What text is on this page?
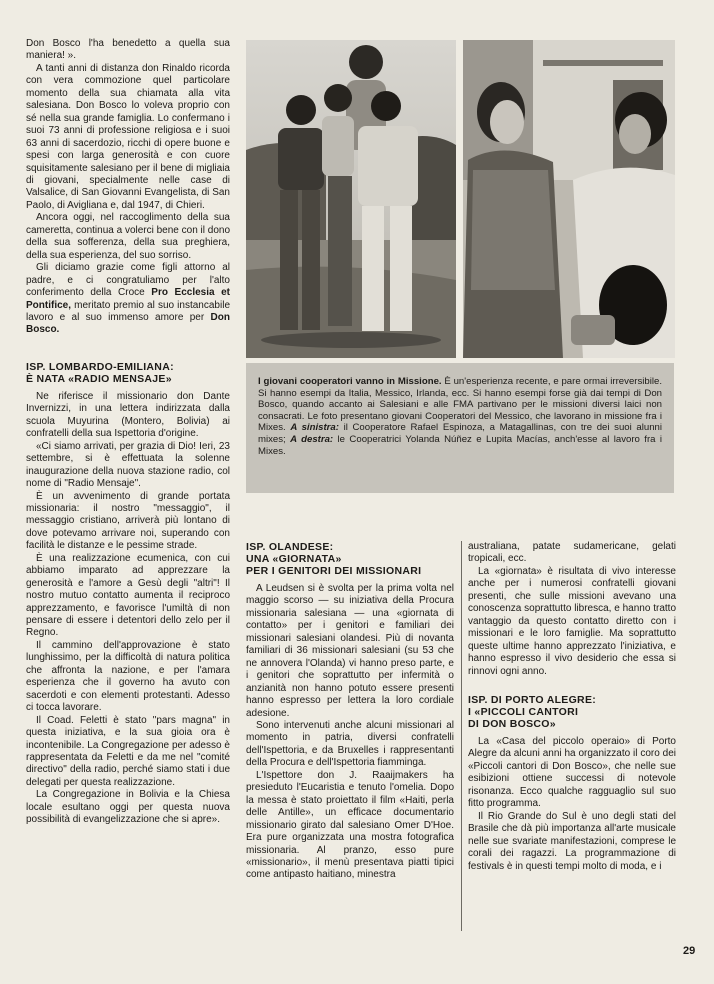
Don Bosco l'ha benedetto a quella sua maniera! ».

A tanti anni di distanza don Rinaldo ricorda con vera commozione quel particolare momento della sua chiamata alla vita salesiana. Don Bosco lo voleva proprio con sé nella sua grande famiglia. Lo confermano i suoi 73 anni di professione religiosa e i suoi 63 anni di sacerdozio, ricchi di opere buone e spesi con larga generosità e con cuore squisitamente salesiano per il bene di migliaia di giovani, specialmente nelle case di Valsalice, di San Giovanni Evangelista, di San Paolo, di Avigliana e, dal 1947, di Chieri.

Ancora oggi, nel raccoglimento della sua cameretta, continua a volerci bene con il dono della sua sofferenza, della sua preghiera, della sua esperienza, del suo sorriso.

Gli diciamo grazie come figli attorno al padre, e ci congratuliamo per l'alto conferimento della Croce Pro Ecclesia et Pontifice, meritato premio al suo instancabile lavoro e al suo immenso amore per Don Bosco.

ISP. LOMBARDO-EMILIANA:
È NATA «RADIO MENSAJE»

Ne riferisce il missionario don Dante Invernizzi, in una lettera indirizzata dalla scuola Muyurina (Montero, Bolivia) ai confratelli della sua Ispettoria d'origine.

«Ci siamo arrivati, per grazia di Dio! Ieri, 23 settembre, si è effettuata la solenne inaugurazione della nuova stazione radio, col nome di "Radio Mensaje".

È un avvenimento di grande portata missionaria: il nostro "messaggio", il messaggio cristiano, arriverà più lontano di dove potevamo arrivare noi, superando con facilità le distanze e le pessime strade.

È una realizzazione ecumenica, con cui abbiamo imparato ad apprezzare la generosità e l'amore a Gesù degli "altri"! Il nostro mutuo contatto aumenta il reciproco apprezzamento, e favorisce l'umiltà di non pensare di essere i detentori dello zelo per il Regno.

Il cammino dell'approvazione è stato lunghissimo, per la difficoltà di natura politica che affronta la nazione, e per l'amara esperienza che il governo ha avuto con sacerdoti e con elementi protestanti. Adesso ci tocca lavorare.

Il Coad. Feletti è stato "pars magna" in questa iniziativa, e la sua gioia ora è incontenibile. La Congregazione per adesso è rappresentata da Feletti e da me nel "comité directivo" della radio, perché siamo stati i due delegati per questa realizzazione.

La Congregazione in Bolivia e la Chiesa locale esultano oggi per questa nuova possibilità di evangelizzazione che si apre».

I giovani cooperatori vanno in Missione. È un'esperienza recente, e pare ormai irreversibile. Si hanno esempi da Italia, Messico, Irlanda, ecc. Si hanno esempi forse già dai tempi di Don Bosco, quando accanto ai Salesiani e alle FMA partivano per le missioni diversi laici non consacrati. Le foto presentano giovani Cooperatori del Messico, che lavorano in missione fra i Mixes. A sinistra: il Cooperatore Rafael Espinoza, a Matagallinas, con tre dei suoi alunni mixes; A destra: le Cooperatrici Yolanda Núñez e Lupita Macías, anch'esse al lavoro fra i Mixes.
ISP. OLANDESE:
UNA «GIORNATA»
PER I GENITORI DEI MISSIONARI

A Leudsen si è svolta per la prima volta nel maggio scorso — su iniziativa della Procura missionaria salesiana — una «giornata di contatto» per i genitori e familiari dei missionari salesiani olandesi. Più di novanta familiari di 36 missionari salesiani (su 53 che ne annovera l'Olanda) vi hanno preso parte, e i genitori che soprattutto per infermità o anzianità non hanno potuto essere presenti hanno espresso per lettera la loro cordiale adesione.

Sono intervenuti anche alcuni missionari al momento in patria, diversi confratelli dell'Ispettoria, e da Bruxelles i rappresentanti della Procura e dell'Ispettoria fiamminga.

L'Ispettore don J. Raaijmakers ha presieduto l'Eucaristia e tenuto l'omelia. Dopo la messa è stato proiettato il film «Haiti, perla delle Antille», un efficace documentario missionario girato dal salesiano Omer D'Hoe. Era pure organizzata una mostra fotografica missionaria. Al pranzo, esso pure «missionario», il menù presentava piatti tipici come antipasto haitiano, minestra

australiana, patate sudamericane, gelati tropicali, ecc.

La «giornata» è risultata di vivo interesse anche per i numerosi confratelli giovani presenti, che sulle missioni avevano una conoscenza soprattutto libresca, e hanno tratto vantaggio da questo contatto diretto con i missionari e le loro famiglie. Ma soprattutto queste ultime hanno apprezzato l'iniziativa, e hanno espresso il vivo desiderio che essa si rinnovi ogni anno.

ISP. DI PORTO ALEGRE:
I «PICCOLI CANTORI
DI DON BOSCO»

La «Casa del piccolo operaio» di Porto Alegre da alcuni anni ha organizzato il coro dei «Piccoli cantori di Don Bosco», che nelle sue esibizioni ottiene successi di notevole risonanza. Ecco qualche ragguaglio sul suo fitto programma.

Il Rio Grande do Sul è uno degli stati del Brasile che dà più importanza all'arte musicale nelle sue svariate manifestazioni, comprese le corali dei ragazzi. La programmazione di festivals è in questi tempi molto di moda, e i

29
